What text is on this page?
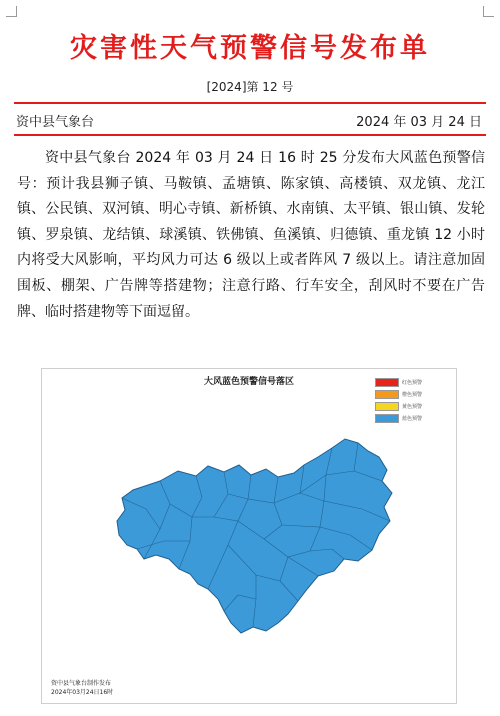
灾害性天气预警信号发布单
[2024]第 12 号
资中县气象台	2024 年 03 月 24 日

资中县气象台 2024 年 03 月 24 日 16 时 25 分发布大风蓝色预警信号：预计我县狮子镇、马鞍镇、孟塘镇、陈家镇、高楼镇、双龙镇、龙江镇、公民镇、双河镇、明心寺镇、新桥镇、水南镇、太平镇、银山镇、发轮镇、罗泉镇、龙结镇、球溪镇、铁佛镇、鱼溪镇、归德镇、重龙镇 12 小时内将受大风影响，平均风力可达 6 级以上或者阵风 7 级以上。请注意加固围板、棚架、广告牌等搭建物；注意行路、行车安全，刮风时不要在广告牌、临时搭建物等下面逗留。

大风蓝色预警信号落区	红色预警
橙色预警
黄色预警
蓝色预警
资中县气象台制作发布
2024年03月24日16时
